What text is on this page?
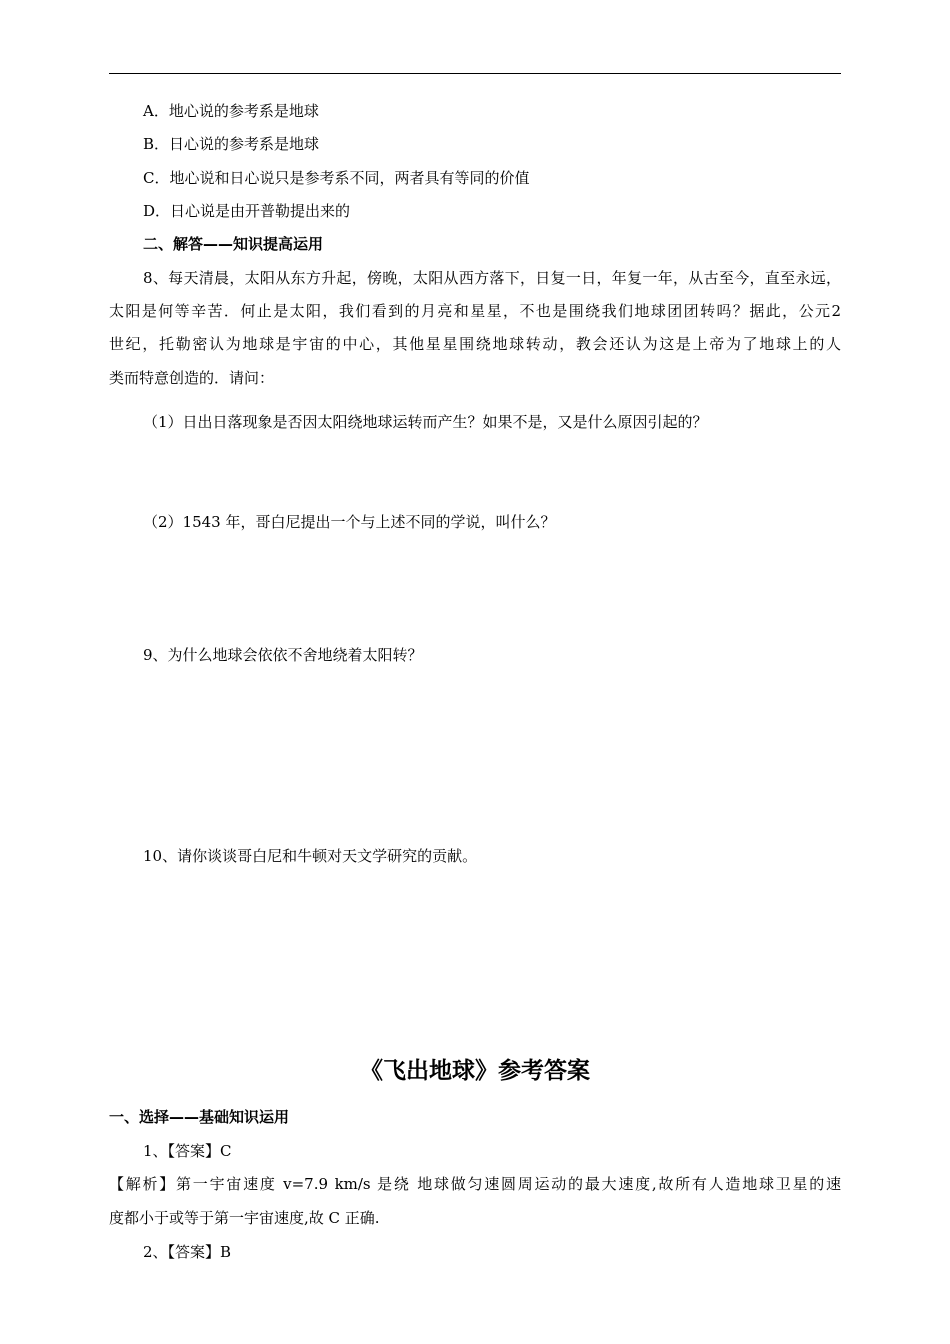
A．地心说的参考系是地球
B．日心说的参考系是地球
C．地心说和日心说只是参考系不同，两者具有等同的价值
D．日心说是由开普勒提出来的
二、解答——知识提高运用
8、每天清晨，太阳从东方升起，傍晚，太阳从西方落下，日复一日，年复一年，从古至今，直至永远，
太阳是何等辛苦．何止是太阳，我们看到的月亮和星星，不也是围绕我们地球团团转吗？据此，公元2
世纪，托勒密认为地球是宇宙的中心，其他星星围绕地球转动，教会还认为这是上帝为了地球上的人
类而特意创造的．请问：
（1）日出日落现象是否因太阳绕地球运转而产生？如果不是，又是什么原因引起的？
（2）1543 年，哥白尼提出一个与上述不同的学说，叫什么？
9、为什么地球会依依不舍地绕着太阳转？
10、请你谈谈哥白尼和牛顿对天文学研究的贡献。
《飞出地球》参考答案
一、选择——基础知识运用
1、【答案】C
【解析】第一宇宙速度 v=7.9 km/s 是绕 地球做匀速圆周运动的最大速度,故所有人造地球卫星的速
度都小于或等于第一宇宙速度,故 C 正确.
2、【答案】B
